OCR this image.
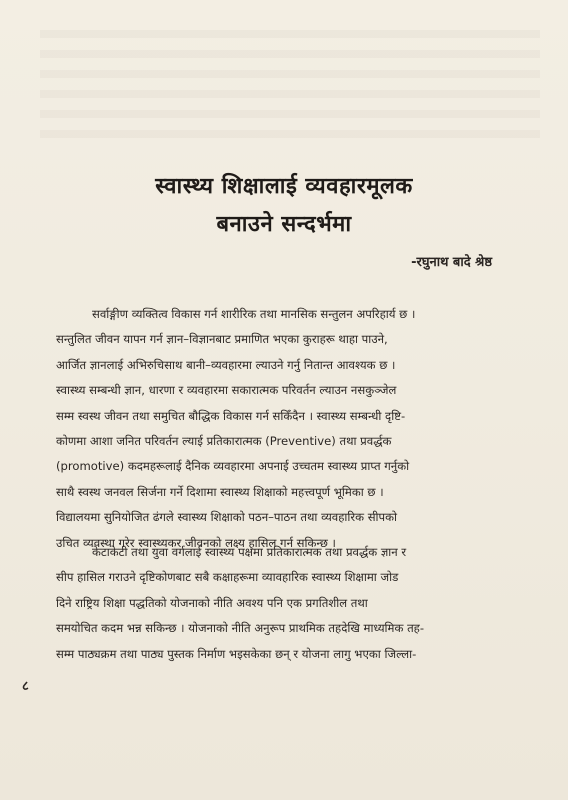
स्वास्थ्य शिक्षालाई व्यवहारमूलक
बनाउने सन्दर्भमा
-रघुनाथ बादे श्रेष्ठ
सर्वाङ्गीण व्यक्तित्व विकास गर्न शारीरिक तथा मानसिक सन्तुलन अपरिहार्य छ ।
सन्तुलित जीवन यापन गर्न ज्ञान–विज्ञानबाट प्रमाणित भएका कुराहरू थाहा पाउने,
आर्जित ज्ञानलाई अभिरुचिसाथ बानी–व्यवहारमा ल्याउने गर्नु नितान्त आवश्यक छ ।
स्वास्थ्य सम्बन्धी ज्ञान, धारणा र व्यवहारमा सकारात्मक परिवर्तन ल्याउन नसकुञ्जेल
सम्म स्वस्थ जीवन तथा समुचित बौद्धिक विकास गर्न सकिँदैन । स्वास्थ्य सम्बन्धी दृष्टि-
कोणमा आशा जनित परिवर्तन ल्याई प्रतिकारात्मक (Preventive) तथा प्रवर्द्धक
(promotive) कदमहरूलाई दैनिक व्यवहारमा अपनाई उच्चतम स्वास्थ्य प्राप्त गर्नुको
साथै स्वस्थ जनवल सिर्जना गर्ने दिशामा स्वास्थ्य शिक्षाको महत्त्वपूर्ण भूमिका छ ।
विद्यालयमा सुनियोजित ढंगले स्वास्थ्य शिक्षाको पठन–पाठन तथा व्यवहारिक सीपको
उचित व्यवस्था गरेर स्वास्थ्यकर जीवनको लक्ष्य हासिल गर्न सकिन्छ ।
केटाकेटी तथा युवा वर्गलाई स्वास्थ्य पक्षमा प्रतिकारात्मक तथा प्रवर्द्धक ज्ञान र
सीप हासिल गराउने दृष्टिकोणबाट सबै कक्षाहरूमा व्यावहारिक स्वास्थ्य शिक्षामा जोड
दिने राष्ट्रिय शिक्षा पद्धतिको योजनाको नीति अवश्य पनि एक प्रगतिशील तथा
समयोचित कदम भन्न सकिन्छ । योजनाको नीति अनुरूप प्राथमिक तहदेखि माध्यमिक तह-
सम्म पाठ्यक्रम तथा पाठ्य पुस्तक निर्माण भइसकेका छन् र योजना लागु भएका जिल्ला-
८
